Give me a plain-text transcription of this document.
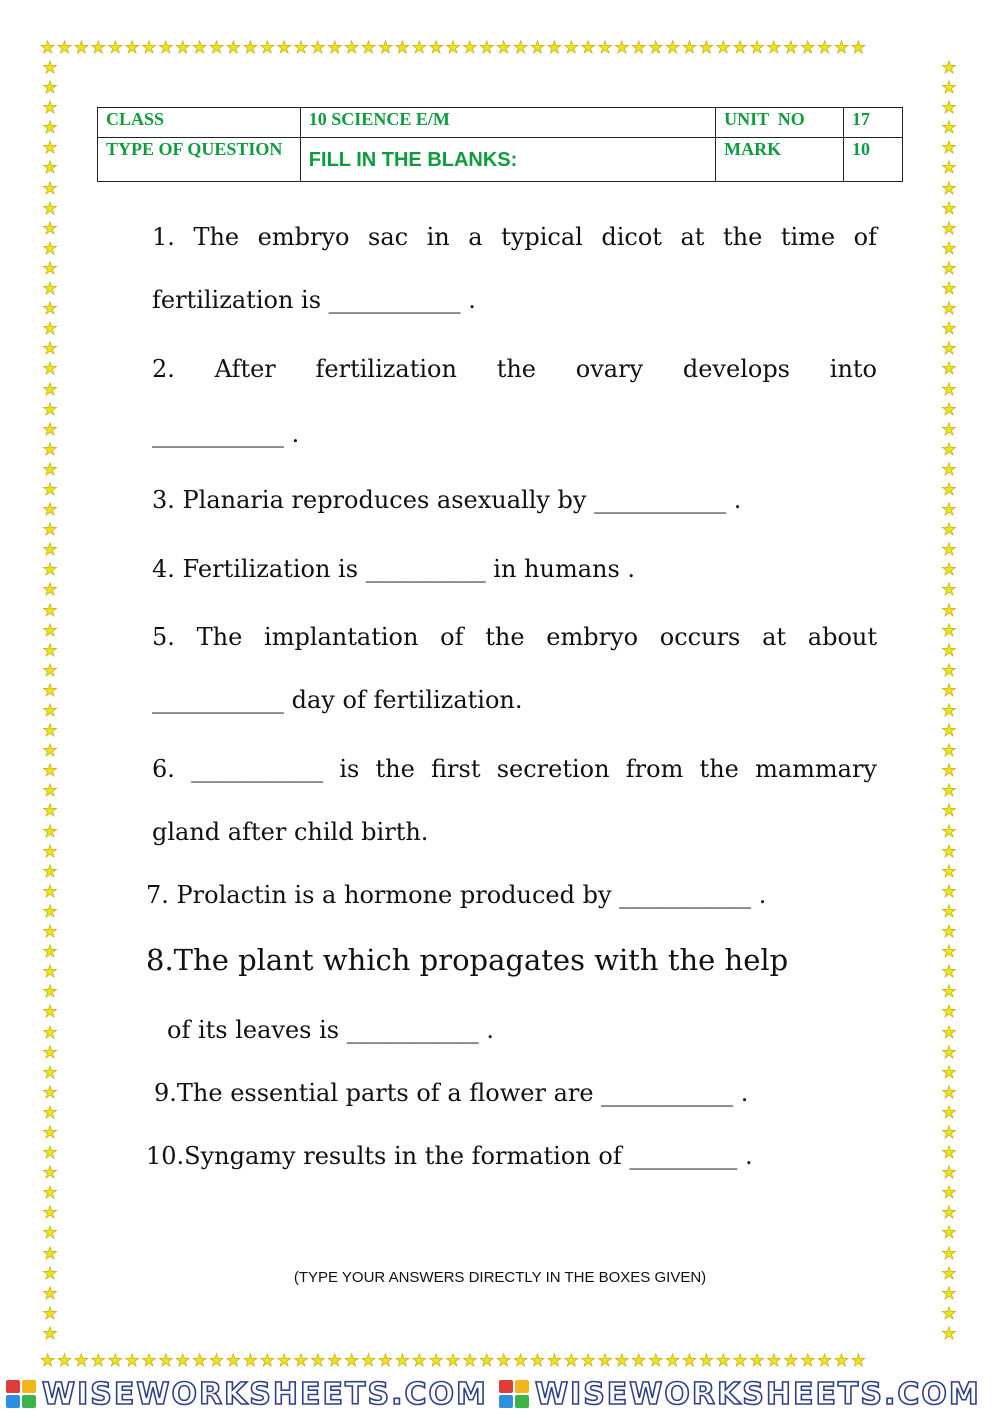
★★★★★★★★★★★★★★★★★★★★★★★★★★★★★★★★★★★★★★★★★★★★★★★★★
★★★★★★★★★★★★★★★★★★★★★★★★★★★★★★★★★★★★★★★★★★★★★★★★★
★
★
★
★
★
★
★
★
★
★
★
★
★
★
★
★
★
★
★
★
★
★
★
★
★
★
★
★
★
★
★
★
★
★
★
★
★
★
★
★
★
★
★
★
★
★
★
★
★
★
★
★
★
★
★
★
★
★
★
★
★
★
★
★
★
★
★
★
★
★
★
★
★
★
★
★
★
★
★
★
★
★
★
★
★
★
★
★
★
★
★
★
★
★
★
★
★
★
★
★
★
★
★
★
★
★
★
★
★
★
★
★
★
★
★
★
★
★
★
★
★
★
★
★
★
★
★
★
CLASS	10 SCIENCE E/M	UNIT  NO	17
TYPE OF QUESTION	FILL IN THE BLANKS:	MARK	10
1. The embryo sac in a typical dicot at the time of
fertilization is ___________ .
2. After fertilization the ovary develops into
___________ .
3. Planaria reproduces asexually by ___________ .
4. Fertilization is __________ in humans .
5. The implantation of the embryo occurs at about
___________ day of fertilization.
6. ___________ is the first secretion from the mammary
gland after child birth.
7. Prolactin is a hormone produced by ___________ .
8.The plant which propagates with the help
of its leaves is ___________ .
9.The essential parts of a flower are ___________ .
10.Syngamy results in the formation of _________ .
(TYPE YOUR ANSWERS DIRECTLY IN THE BOXES GIVEN)
WISEWORKSHEETS.COM WISEWORKSHEETS.COM
